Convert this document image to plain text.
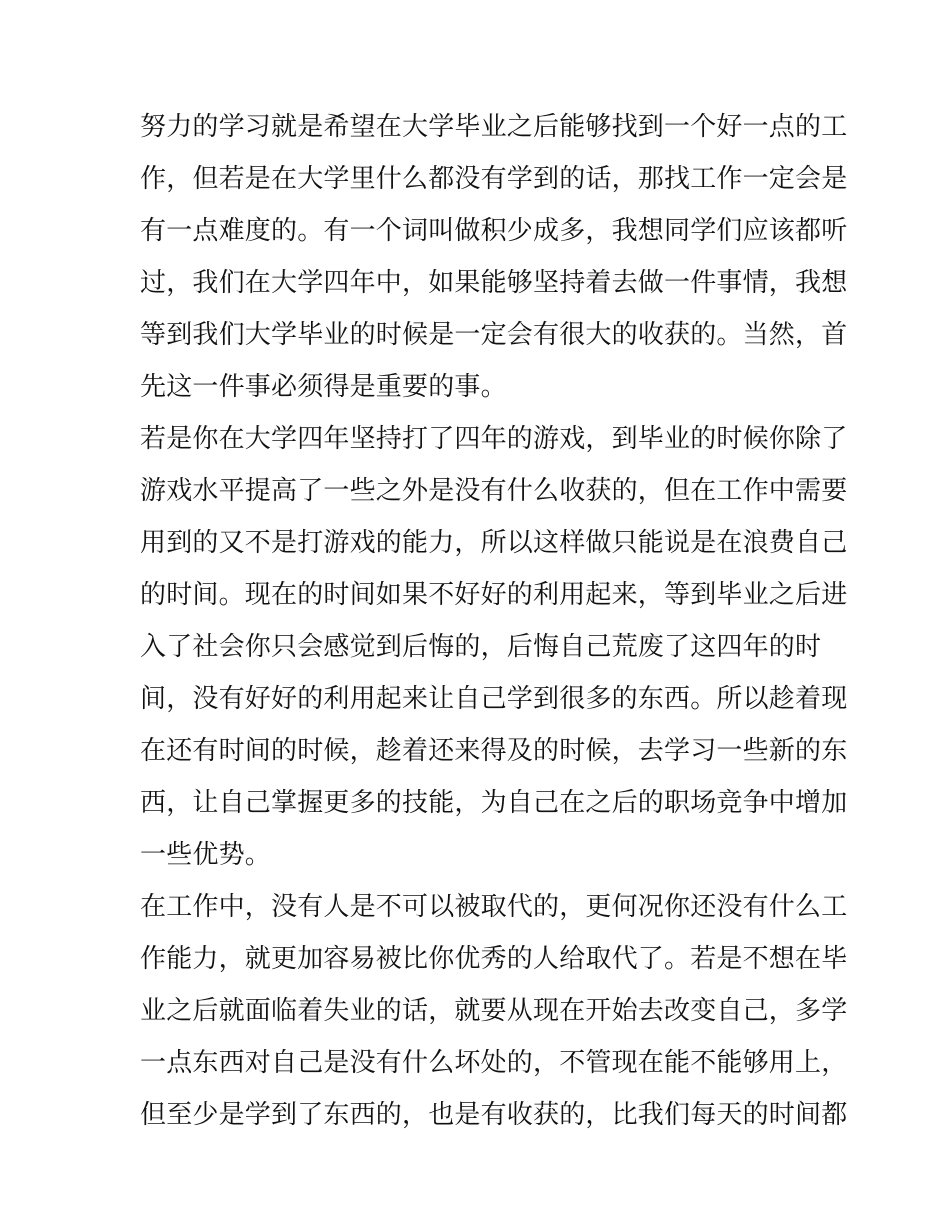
努力的学习就是希望在大学毕业之后能够找到一个好一点的工
作，但若是在大学里什么都没有学到的话，那找工作一定会是
有一点难度的。有一个词叫做积少成多，我想同学们应该都听
过，我们在大学四年中，如果能够坚持着去做一件事情，我想
等到我们大学毕业的时候是一定会有很大的收获的。当然，首
先这一件事必须得是重要的事。
若是你在大学四年坚持打了四年的游戏，到毕业的时候你除了
游戏水平提高了一些之外是没有什么收获的，但在工作中需要
用到的又不是打游戏的能力，所以这样做只能说是在浪费自己
的时间。现在的时间如果不好好的利用起来，等到毕业之后进
入了社会你只会感觉到后悔的，后悔自己荒废了这四年的时
间，没有好好的利用起来让自己学到很多的东西。所以趁着现
在还有时间的时候，趁着还来得及的时候，去学习一些新的东
西，让自己掌握更多的技能，为自己在之后的职场竞争中增加
一些优势。
在工作中，没有人是不可以被取代的，更何况你还没有什么工
作能力，就更加容易被比你优秀的人给取代了。若是不想在毕
业之后就面临着失业的话，就要从现在开始去改变自己，多学
一点东西对自己是没有什么坏处的，不管现在能不能够用上，
但至少是学到了东西的，也是有收获的，比我们每天的时间都
